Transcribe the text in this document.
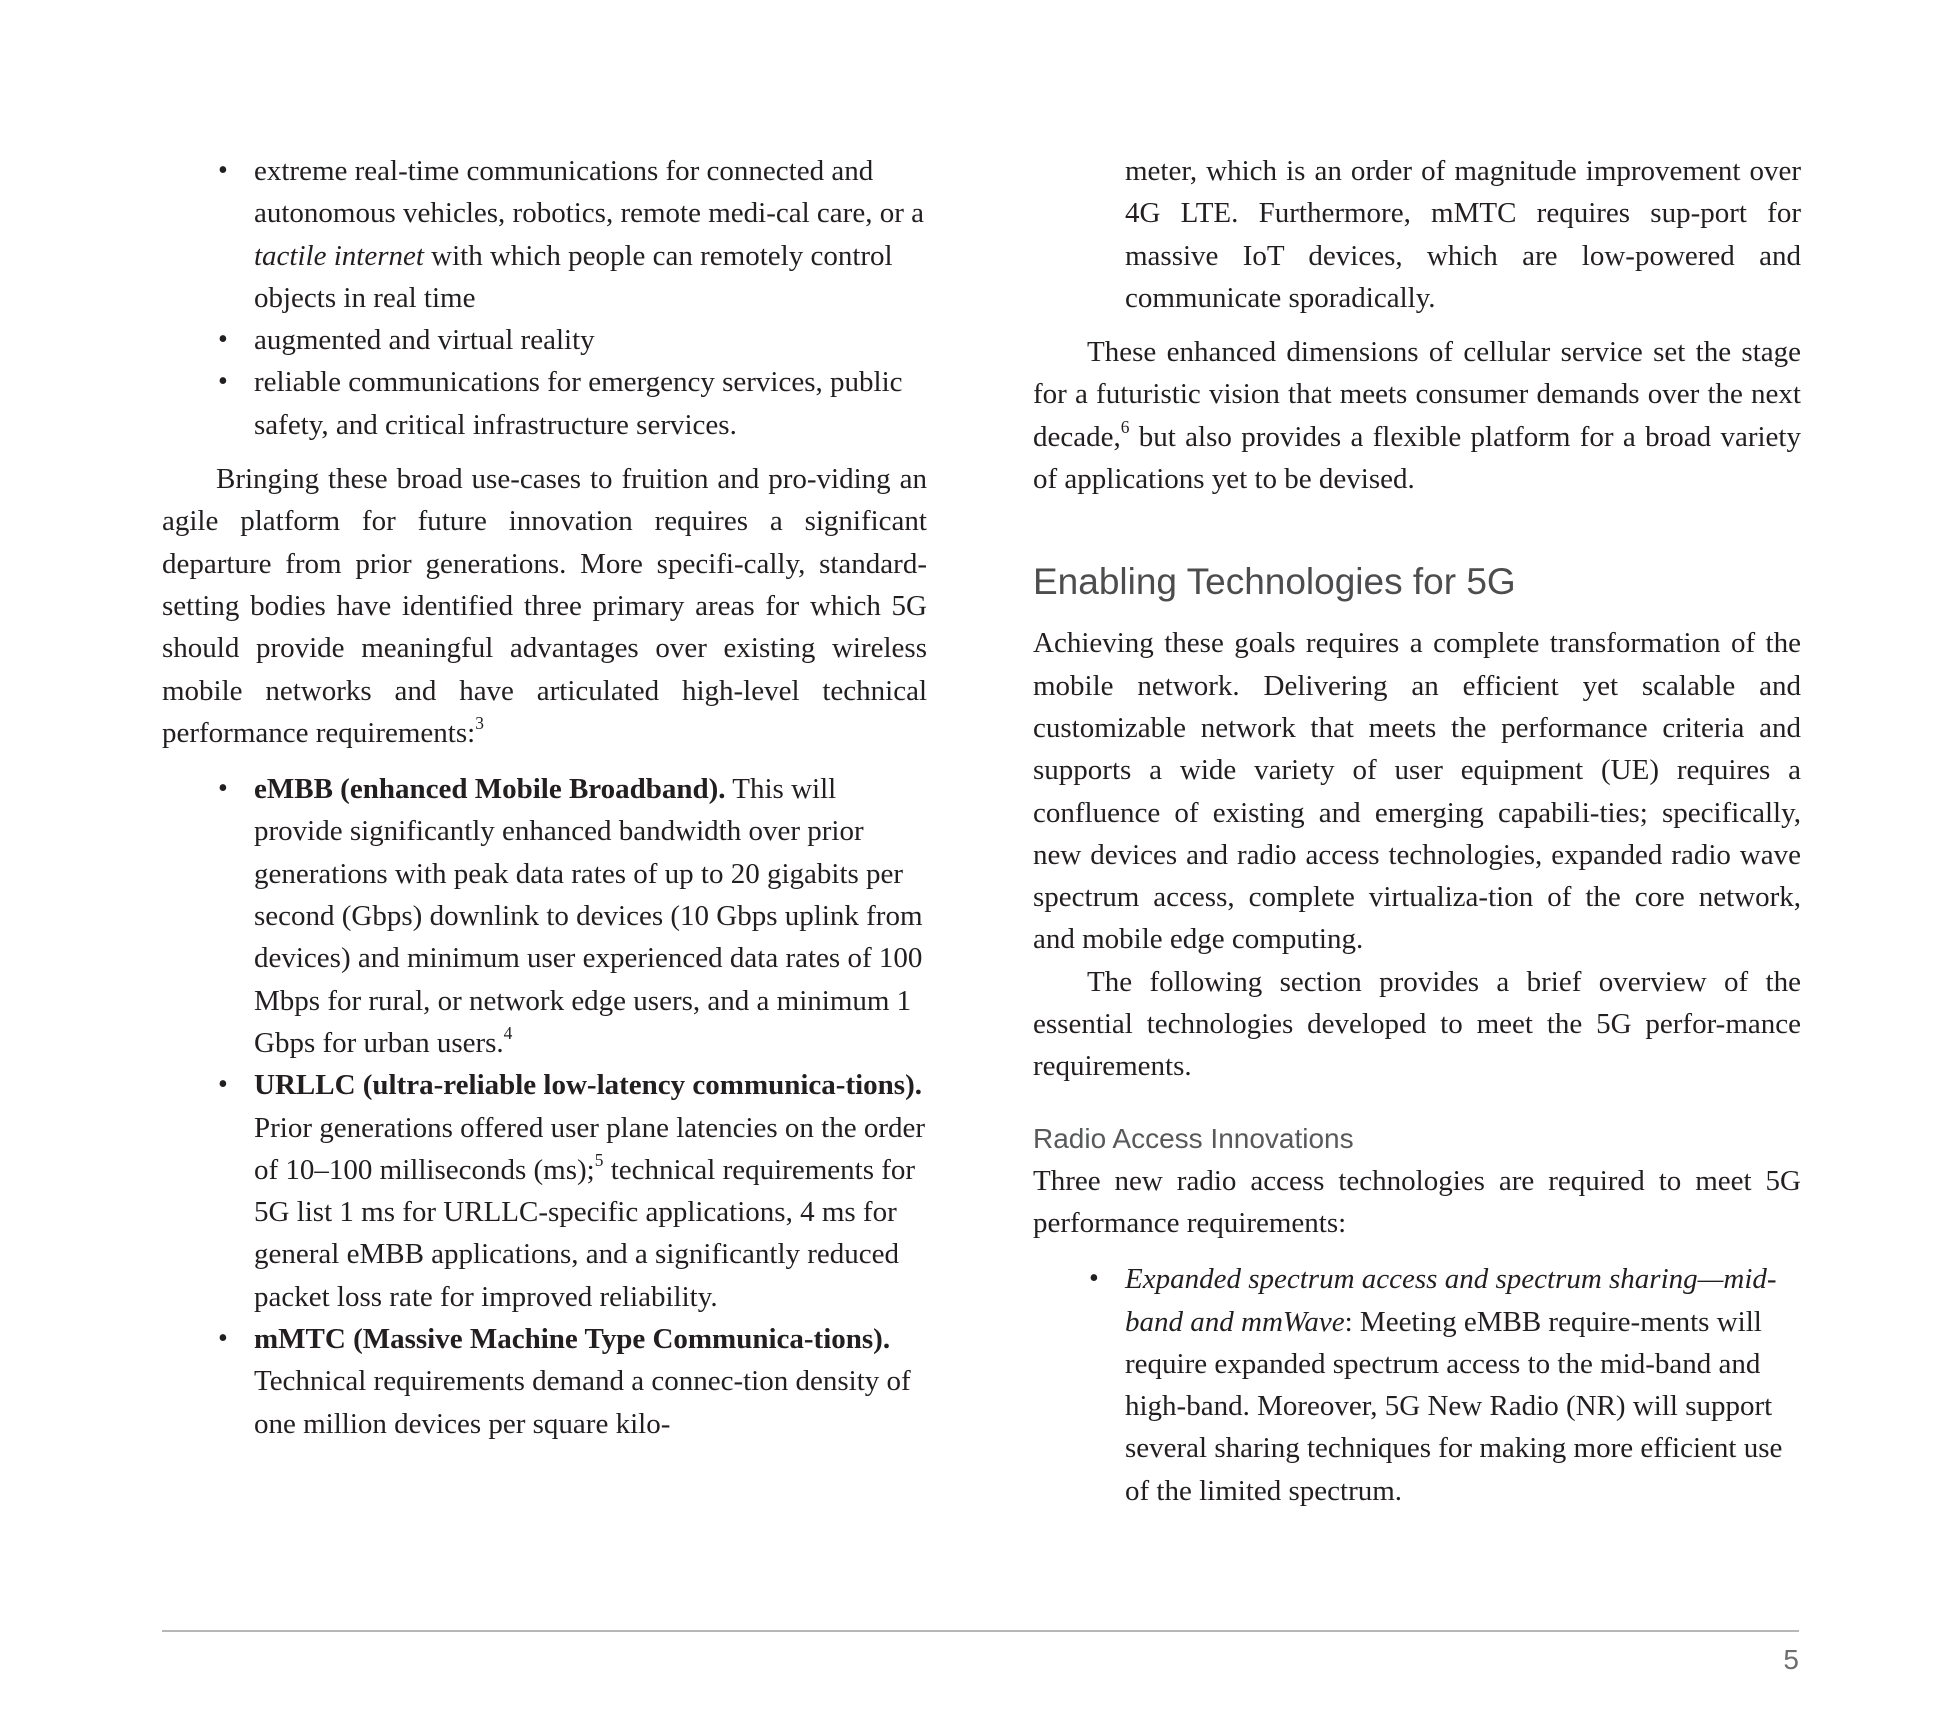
• extreme real-time communications for connected and autonomous vehicles, robotics, remote medi-cal care, or a tactile internet with which people can remotely control objects in real time
• augmented and virtual reality
• reliable communications for emergency services, public safety, and critical infrastructure services.

Bringing these broad use-cases to fruition and pro-viding an agile platform for future innovation requires a significant departure from prior generations. More specifi-cally, standard-setting bodies have identified three primary areas for which 5G should provide meaningful advantages over existing wireless mobile networks and have articulated high-level technical performance requirements:$^3$

• eMBB (enhanced Mobile Broadband). This will provide significantly enhanced bandwidth over prior generations with peak data rates of up to 20 gigabits per second (Gbps) downlink to devices (10 Gbps uplink from devices) and minimum user experienced data rates of 100 Mbps for rural, or network edge users, and a minimum 1 Gbps for urban users.$^4$
• URLLC (ultra-reliable low-latency communica-tions). Prior generations offered user plane latencies on the order of 10–100 milliseconds (ms);$^5$ technical requirements for 5G list 1 ms for URLLC-specific applications, 4 ms for general eMBB applications, and a significantly reduced packet loss rate for improved reliability.
• mMTC (Massive Machine Type Communica-tions). Technical requirements demand a connec-tion density of one million devices per square kilo-

meter, which is an order of magnitude improvement over 4G LTE. Furthermore, mMTC requires sup-port for massive IoT devices, which are low-powered and communicate sporadically.

These enhanced dimensions of cellular service set the stage for a futuristic vision that meets consumer demands over the next decade,$^6$ but also provides a flexible platform for a broad variety of applications yet to be devised.

Enabling Technologies for 5G

Achieving these goals requires a complete transformation of the mobile network. Delivering an efficient yet scalable and customizable network that meets the performance criteria and supports a wide variety of user equipment (UE) requires a confluence of existing and emerging capabili-ties; specifically, new devices and radio access technologies, expanded radio wave spectrum access, complete virtualiza-tion of the core network, and mobile edge computing.

The following section provides a brief overview of the essential technologies developed to meet the 5G perfor-mance requirements.

Radio Access Innovations

Three new radio access technologies are required to meet 5G performance requirements:

• Expanded spectrum access and spectrum sharing—mid-band and mmWave: Meeting eMBB require-ments will require expanded spectrum access to the mid-band and high-band. Moreover, 5G New Radio (NR) will support several sharing techniques for making more efficient use of the limited spectrum.
5
